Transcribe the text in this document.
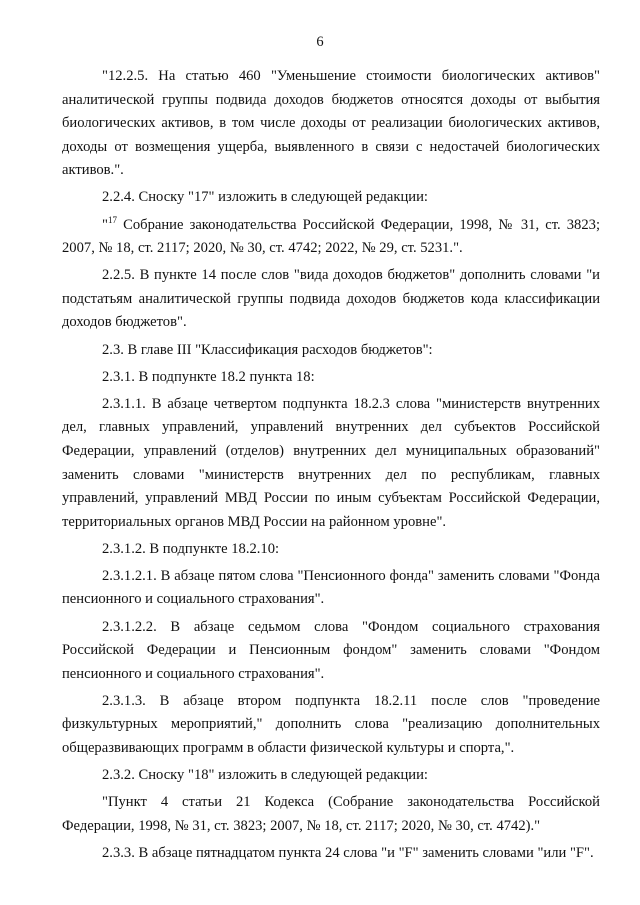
6

"12.2.5. На статью 460 "Уменьшение стоимости биологических активов" аналитической группы подвида доходов бюджетов относятся доходы от выбытия биологических активов, в том числе доходы от реализации биологических активов, доходы от возмещения ущерба, выявленного в связи с недостачей биологических активов.".

2.2.4. Сноску "17" изложить в следующей редакции:

"$^{17}$ Собрание законодательства Российской Федерации, 1998, № 31, ст. 3823; 2007, № 18, ст. 2117; 2020, № 30, ст. 4742; 2022, № 29, ст. 5231.".

2.2.5. В пункте 14 после слов "вида доходов бюджетов" дополнить словами "и подстатьям аналитической группы подвида доходов бюджетов кода классификации доходов бюджетов".

2.3. В главе III "Классификация расходов бюджетов":

2.3.1. В подпункте 18.2 пункта 18:

2.3.1.1. В абзаце четвертом подпункта 18.2.3 слова "министерств внутренних дел, главных управлений, управлений внутренних дел субъектов Российской Федерации, управлений (отделов) внутренних дел муниципальных образований" заменить словами "министерств внутренних дел по республикам, главных управлений, управлений МВД России по иным субъектам Российской Федерации, территориальных органов МВД России на районном уровне".

2.3.1.2. В подпункте 18.2.10:

2.3.1.2.1. В абзаце пятом слова "Пенсионного фонда" заменить словами "Фонда пенсионного и социального страхования".

2.3.1.2.2. В абзаце седьмом слова "Фондом социального страхования Российской Федерации и Пенсионным фондом" заменить словами "Фондом пенсионного и социального страхования".

2.3.1.3. В абзаце втором подпункта 18.2.11 после слов "проведение физкультурных мероприятий," дополнить слова "реализацию дополнительных общеразвивающих программ в области физической культуры и спорта,".

2.3.2. Сноску "18" изложить в следующей редакции:

"Пункт 4 статьи 21 Кодекса (Собрание законодательства Российской Федерации, 1998, № 31, ст. 3823; 2007, № 18, ст. 2117; 2020, № 30, ст. 4742)."

2.3.3. В абзаце пятнадцатом пункта 24 слова "и "F" заменить словами "или "F".
